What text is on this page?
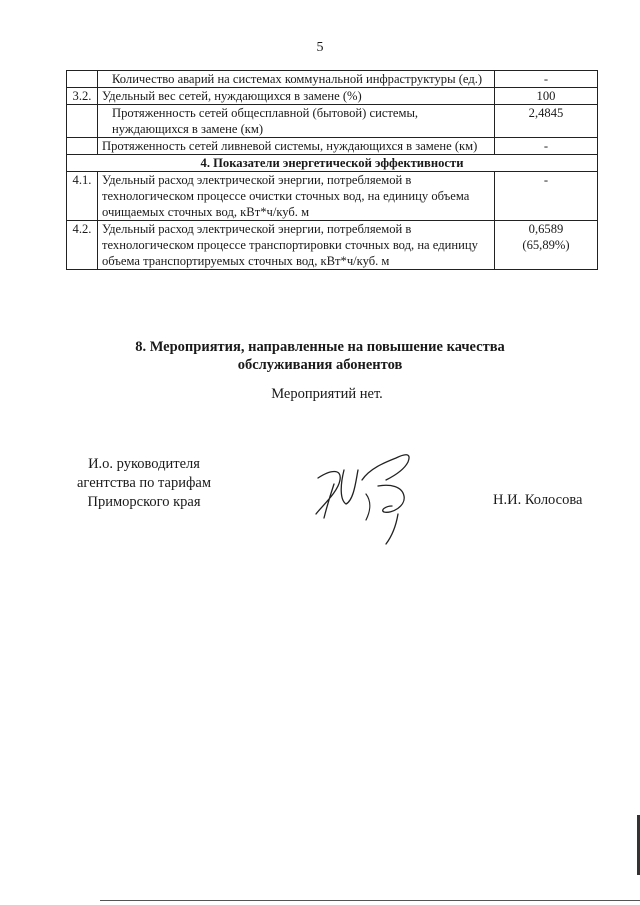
5
	Количество аварий на системах коммунальной инфраструктуры (ед.)	-
3.2.	Удельный вес сетей, нуждающихся в замене (%)	100
	Протяженность сетей общесплавной (бытовой) системы, нуждающихся в замене (км)	2,4845
	Протяженность сетей ливневой системы, нуждающихся в замене (км)	-
4. Показатели энергетической эффективности		
4.1.	Удельный расход электрической энергии, потребляемой в технологическом процессе очистки сточных вод, на единицу объема очищаемых сточных вод, кВт*ч/куб. м	-
4.2.	Удельный расход электрической энергии, потребляемой в технологическом процессе транспортировки сточных вод, на единицу объема транспортируемых сточных вод, кВт*ч/куб. м	0,6589
(65,89%)
8. Мероприятия, направленные на повышение качества
обслуживания абонентов
Мероприятий нет.
И.о. руководителя
агентства по тарифам
Приморского края	Н.И. Колосова
